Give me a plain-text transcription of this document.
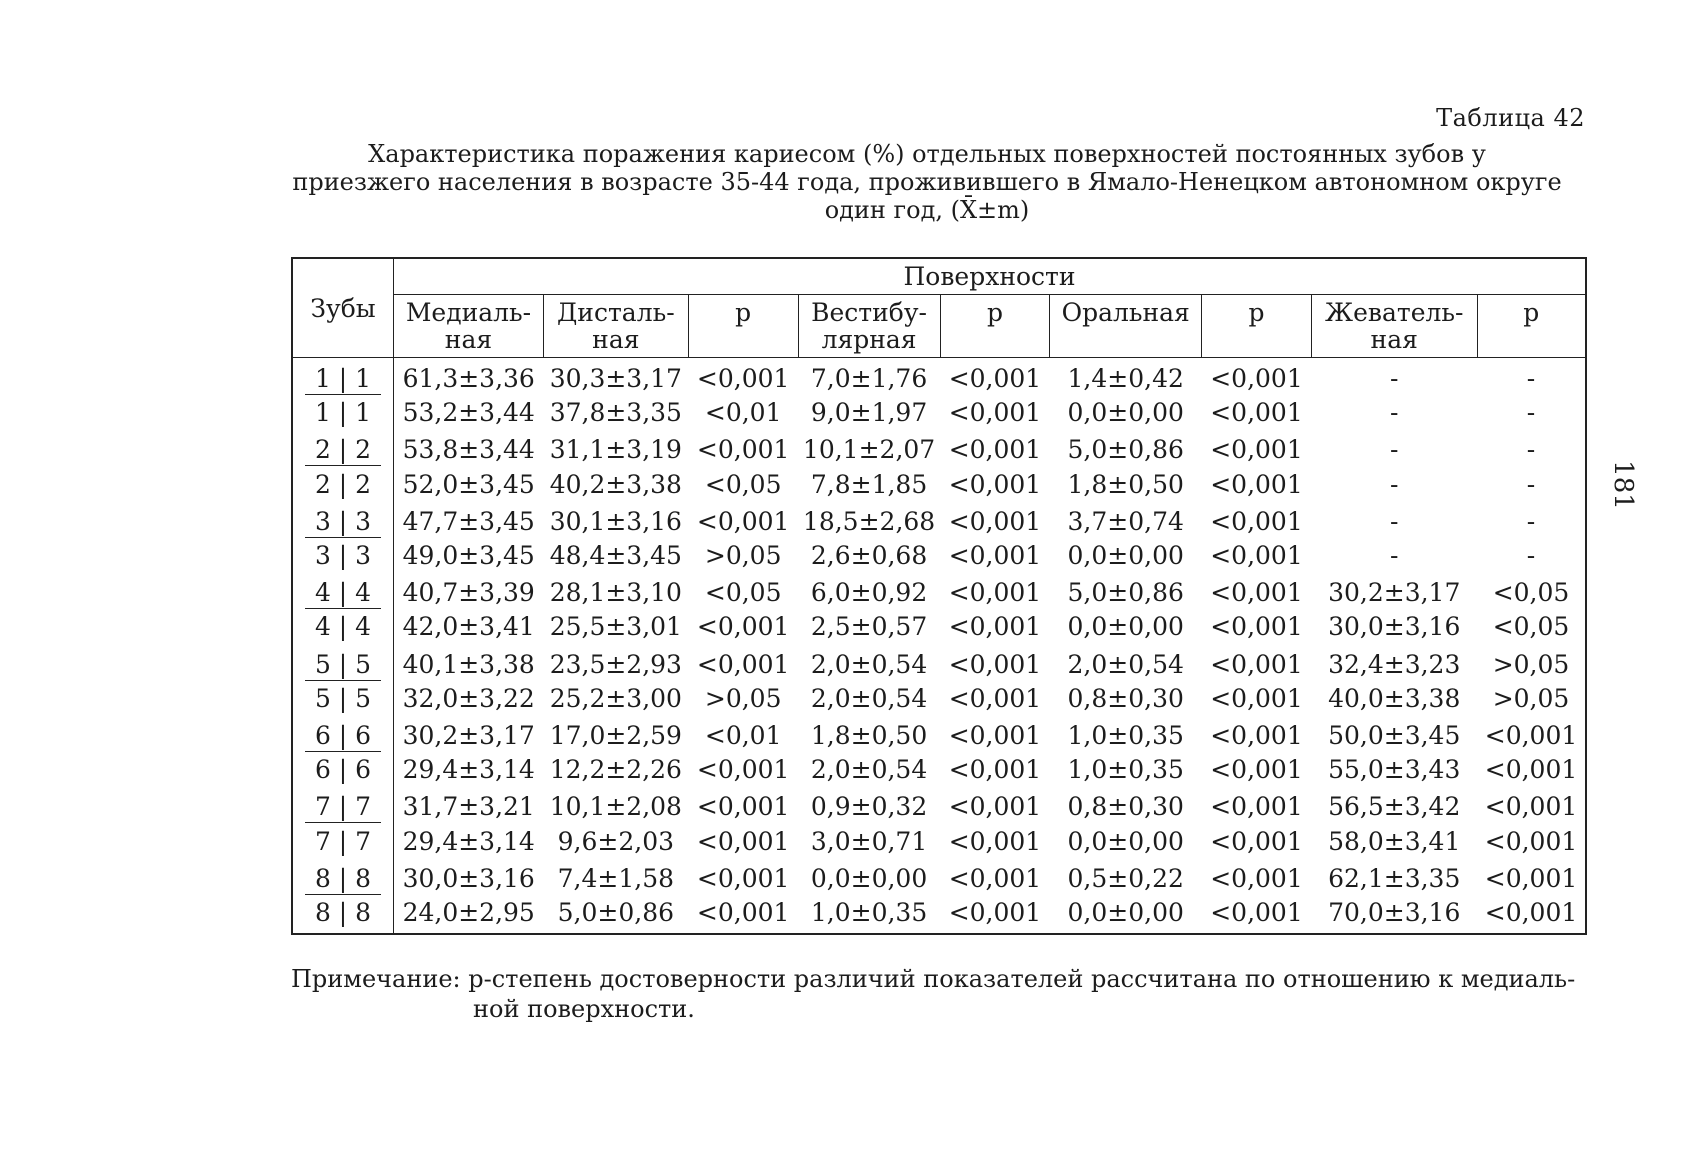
Таблица 42
Характеристика поражения кариесом (%) отдельных поверхностей постоянных зубов у
приезжего населения в возрасте 35-44 года, проживившего в Ямало-Ненецком автономном округе
один год, (X̄±m)
181
Зубы	Поверхности								
	Медиаль-ная	Дисталь-ная	p	Вестибу-лярная	p	Оральная	p	Жеватель-ная	p
1 | 1	61,3±3,36	30,3±3,17	<0,001	7,0±1,76	<0,001	1,4±0,42	<0,001	-	-
1 | 1	53,2±3,44	37,8±3,35	<0,01	9,0±1,97	<0,001	0,0±0,00	<0,001	-	-
2 | 2	53,8±3,44	31,1±3,19	<0,001	10,1±2,07	<0,001	5,0±0,86	<0,001	-	-
2 | 2	52,0±3,45	40,2±3,38	<0,05	7,8±1,85	<0,001	1,8±0,50	<0,001	-	-
3 | 3	47,7±3,45	30,1±3,16	<0,001	18,5±2,68	<0,001	3,7±0,74	<0,001	-	-
3 | 3	49,0±3,45	48,4±3,45	>0,05	2,6±0,68	<0,001	0,0±0,00	<0,001	-	-
4 | 4	40,7±3,39	28,1±3,10	<0,05	6,0±0,92	<0,001	5,0±0,86	<0,001	30,2±3,17	<0,05
4 | 4	42,0±3,41	25,5±3,01	<0,001	2,5±0,57	<0,001	0,0±0,00	<0,001	30,0±3,16	<0,05
5 | 5	40,1±3,38	23,5±2,93	<0,001	2,0±0,54	<0,001	2,0±0,54	<0,001	32,4±3,23	>0,05
5 | 5	32,0±3,22	25,2±3,00	>0,05	2,0±0,54	<0,001	0,8±0,30	<0,001	40,0±3,38	>0,05
6 | 6	30,2±3,17	17,0±2,59	<0,01	1,8±0,50	<0,001	1,0±0,35	<0,001	50,0±3,45	<0,001
6 | 6	29,4±3,14	12,2±2,26	<0,001	2,0±0,54	<0,001	1,0±0,35	<0,001	55,0±3,43	<0,001
7 | 7	31,7±3,21	10,1±2,08	<0,001	0,9±0,32	<0,001	0,8±0,30	<0,001	56,5±3,42	<0,001
7 | 7	29,4±3,14	9,6±2,03	<0,001	3,0±0,71	<0,001	0,0±0,00	<0,001	58,0±3,41	<0,001
8 | 8	30,0±3,16	7,4±1,58	<0,001	0,0±0,00	<0,001	0,5±0,22	<0,001	62,1±3,35	<0,001
8 | 8	24,0±2,95	5,0±0,86	<0,001	1,0±0,35	<0,001	0,0±0,00	<0,001	70,0±3,16	<0,001
Примечание: р-степень достоверности различий показателей рассчитана по отношению к медиаль-
ной поверхности.
